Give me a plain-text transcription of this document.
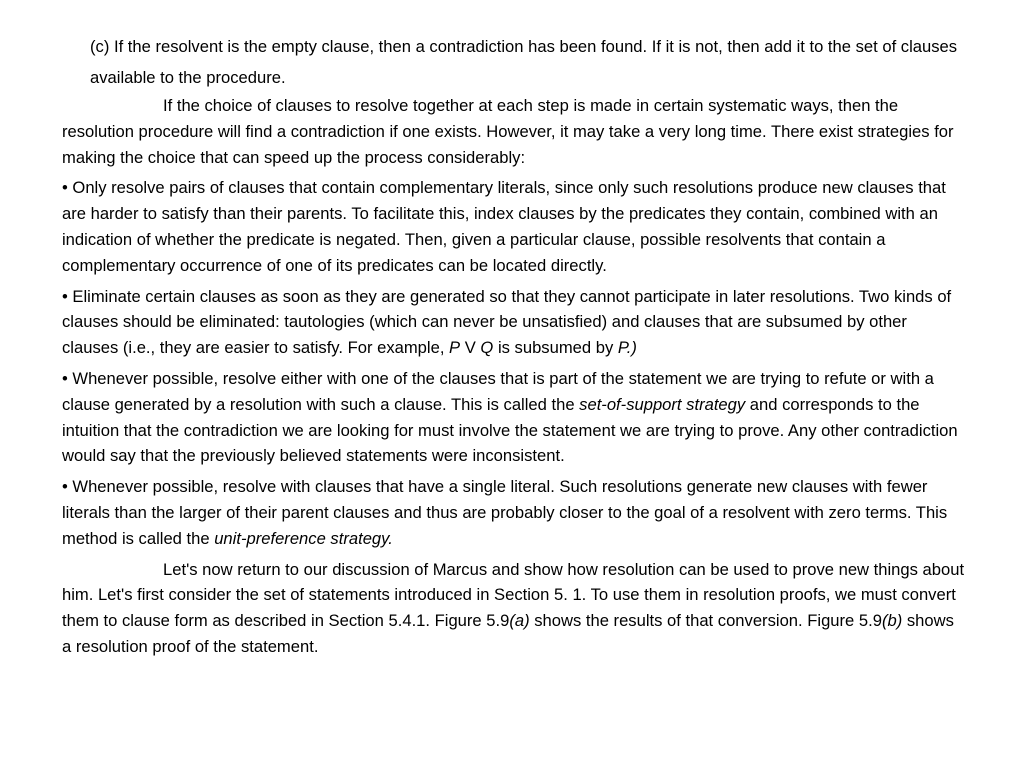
(c) If the resolvent is the empty clause, then a contradiction has been found. If it is not, then add it to the set of clauses available to the procedure.

If the choice of clauses to resolve together at each step is made in certain systematic ways, then the resolution procedure will find a contradiction if one exists. However, it may take a very long time. There exist strategies for making the choice that can speed up the process considerably:

• Only resolve pairs of clauses that contain complementary literals, since only such resolutions produce new clauses that are harder to satisfy than their parents. To facilitate this, index clauses by the predicates they contain, combined with an indication of whether the predicate is negated. Then, given a particular clause, possible resolvents that contain a complementary occurrence of one of its predicates can be located directly.

• Eliminate certain clauses as soon as they are generated so that they cannot participate in later resolutions. Two kinds of clauses should be eliminated: tautologies (which can never be unsatisfied) and clauses that are subsumed by other clauses (i.e., they are easier to satisfy. For example, P V Q is subsumed by P.)

• Whenever possible, resolve either with one of the clauses that is part of the statement we are trying to refute or with a clause generated by a resolution with such a clause. This is called the set-of-support strategy and corresponds to the intuition that the contradiction we are looking for must involve the statement we are trying to prove. Any other contradiction would say that the previously believed statements were inconsistent.

• Whenever possible, resolve with clauses that have a single literal. Such resolutions generate new clauses with fewer literals than the larger of their parent clauses and thus are probably closer to the goal of a resolvent with zero terms. This method is called the unit-preference strategy.

Let's now return to our discussion of Marcus and show how resolution can be used to prove new things about him. Let's first consider the set of statements introduced in Section 5. 1. To use them in resolution proofs, we must convert them to clause form as described in Section 5.4.1. Figure 5.9(a) shows the results of that conversion. Figure 5.9(b) shows a resolution proof of the statement.
